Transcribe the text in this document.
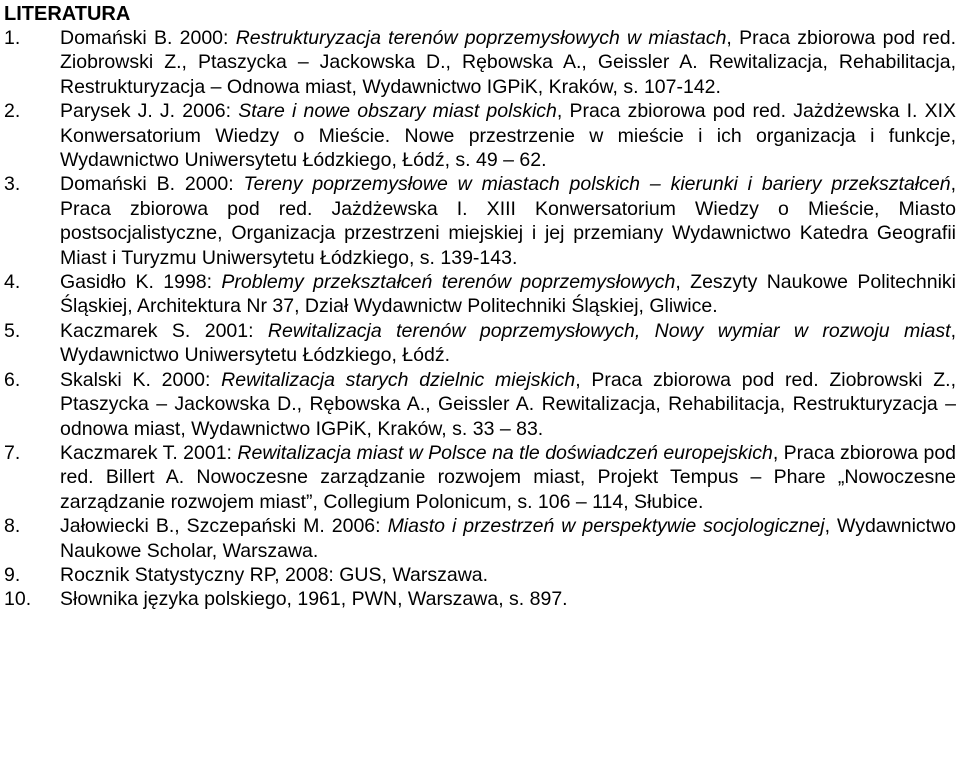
LITERATURA
1.	Domański B. 2000: Restrukturyzacja terenów poprzemysłowych w miastach, Praca zbiorowa pod red. Ziobrowski Z., Ptaszycka – Jackowska D., Rębowska A., Geissler A. Rewitalizacja, Rehabilitacja, Restrukturyzacja – Odnowa miast, Wydawnictwo IGPiK, Kraków, s. 107-142.
2.	Parysek J. J. 2006: Stare i nowe obszary miast polskich, Praca zbiorowa pod red. Jażdżewska I. XIX Konwersatorium Wiedzy o Mieście. Nowe przestrzenie w mieście i ich organizacja i funkcje, Wydawnictwo Uniwersytetu Łódzkiego, Łódź, s. 49 – 62.
3.	Domański B. 2000: Tereny poprzemysłowe w miastach polskich – kierunki i bariery przekształceń, Praca zbiorowa pod red. Jażdżewska I. XIII Konwersatorium Wiedzy o Mieście, Miasto postsocjalistyczne, Organizacja przestrzeni miejskiej i jej przemiany Wydawnictwo Katedra Geografii Miast i Turyzmu Uniwersytetu Łódzkiego, s. 139-143.
4.	Gasidło K. 1998: Problemy przekształceń terenów poprzemysłowych, Zeszyty Naukowe Politechniki Śląskiej, Architektura Nr 37, Dział Wydawnictw Politechniki Śląskiej, Gliwice.
5.	Kaczmarek S. 2001: Rewitalizacja terenów poprzemysłowych, Nowy wymiar w rozwoju miast, Wydawnictwo Uniwersytetu Łódzkiego, Łódź.
6.	Skalski K. 2000: Rewitalizacja starych dzielnic miejskich, Praca zbiorowa pod red. Ziobrowski Z., Ptaszycka – Jackowska D., Rębowska A., Geissler A. Rewitalizacja, Rehabilitacja, Restrukturyzacja – odnowa miast, Wydawnictwo IGPiK, Kraków, s. 33 – 83.
7.	Kaczmarek T. 2001: Rewitalizacja miast w Polsce na tle doświadczeń europejskich, Praca zbiorowa pod red. Billert A. Nowoczesne zarządzanie rozwojem miast, Projekt Tempus – Phare „Nowoczesne zarządzanie rozwojem miast”, Collegium Polonicum, s. 106 – 114, Słubice.
8.	Jałowiecki B., Szczepański M. 2006: Miasto i przestrzeń w perspektywie socjologicznej, Wydawnictwo Naukowe Scholar, Warszawa.
9.	Rocznik Statystyczny RP, 2008: GUS, Warszawa.
10.	Słownika języka polskiego, 1961, PWN, Warszawa, s. 897.
